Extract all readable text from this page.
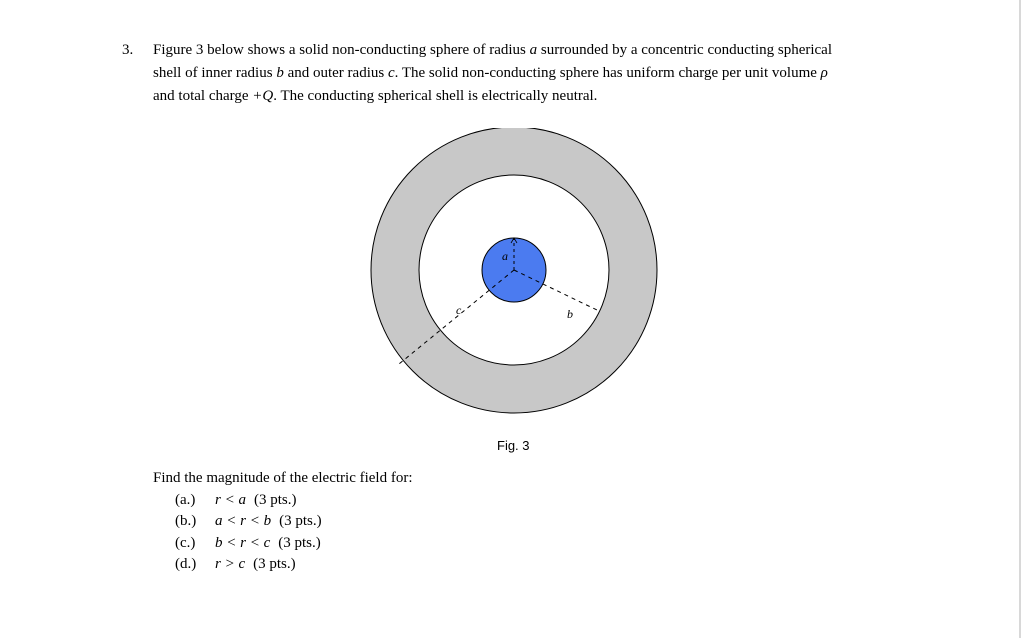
3. Figure 3 below shows a solid non-conducting sphere of radius a surrounded by a concentric conducting spherical
shell of inner radius b and outer radius c. The solid non-conducting sphere has uniform charge per unit volume ρ
and total charge +Q. The conducting spherical shell is electrically neutral.
a
b
c
Fig. 3
Find the magnitude of the electric field for:
(a.) r < a (3 pts.)
(b.) a < r < b (3 pts.)
(c.) b < r < c (3 pts.)
(d.) r > c (3 pts.)
